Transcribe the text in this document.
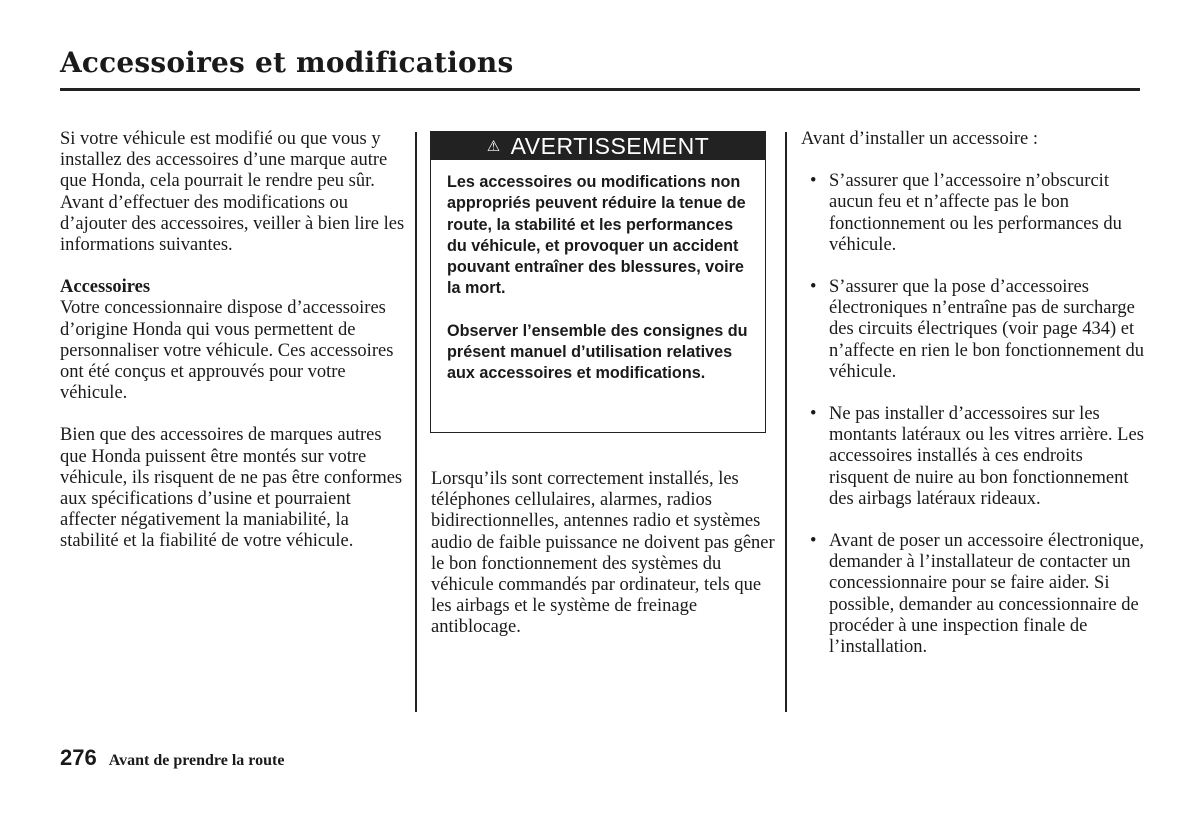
Accessoires et modifications

Si votre véhicule est modifié ou que vous y installez des accessoires d’une marque autre que Honda, cela pourrait le rendre peu sûr. Avant d’effectuer des modifications ou d’ajouter des accessoires, veiller à bien lire les informations suivantes.

Accessoires

Votre concessionnaire dispose d’accessoires d’origine Honda qui vous permettent de personnaliser votre véhicule. Ces accessoires ont été conçus et approuvés pour votre véhicule.

Bien que des accessoires de marques autres que Honda puissent être montés sur votre véhicule, ils risquent de ne pas être conformes aux spécifications d’usine et pourraient affecter négativement la maniabilité, la stabilité et la fiabilité de votre véhicule.

⚠ AVERTISSEMENT

Les accessoires ou modifications non appropriés peuvent réduire la tenue de route, la stabilité et les performances du véhicule, et provoquer un accident pouvant entraîner des blessures, voire la mort.

Observer l’ensemble des consignes du présent manuel d’utilisation relatives aux accessoires et modifications.

Lorsqu’ils sont correctement installés, les téléphones cellulaires, alarmes, radios bidirectionnelles, antennes radio et systèmes audio de faible puissance ne doivent pas gêner le bon fonctionnement des systèmes du véhicule commandés par ordinateur, tels que les airbags et le système de freinage antiblocage.

Avant d’installer un accessoire :

• S’assurer que l’accessoire n’obscurcit aucun feu et n’affecte pas le bon fonctionnement ou les performances du véhicule.
• S’assurer que la pose d’accessoires électroniques n’entraîne pas de surcharge des circuits électriques (voir page 434) et n’affecte en rien le bon fonctionnement du véhicule.
• Ne pas installer d’accessoires sur les montants latéraux ou les vitres arrière. Les accessoires installés à ces endroits risquent de nuire au bon fonctionnement des airbags latéraux rideaux.
• Avant de poser un accessoire électronique, demander à l’installateur de contacter un concessionnaire pour se faire aider. Si possible, demander au concessionnaire de procéder à une inspection finale de l’installation.
276 Avant de prendre la route
